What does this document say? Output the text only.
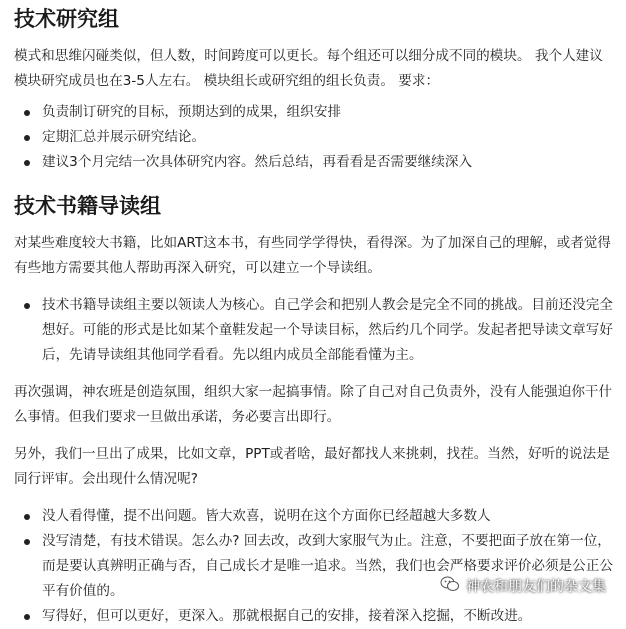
技术研究组

模式和思维闪碰类似，但人数，时间跨度可以更长。每个组还可以细分成不同的模块。 我个人建议模块研究成员也在3-5人左右。 模块组长或研究组的组长负责。 要求：

负责制订研究的目标，预期达到的成果，组织安排
定期汇总并展示研究结论。
建议3个月完结一次具体研究内容。然后总结，再看看是否需要继续深入
技术书籍导读组

对某些难度较大书籍，比如ART这本书，有些同学学得快，看得深。为了加深自己的理解，或者觉得有些地方需要其他人帮助再深入研究，可以建立一个导读组。

技术书籍导读组主要以领读人为核心。自己学会和把别人教会是完全不同的挑战。目前还没完全想好。可能的形式是比如某个童鞋发起一个导读目标，然后约几个同学。发起者把导读文章写好后，先请导读组其他同学看看。先以组内成员全部能看懂为主。

再次强调，神农班是创造氛围，组织大家一起搞事情。除了自己对自己负责外，没有人能强迫你干什么事情。但我们要求一旦做出承诺，务必要言出即行。

另外，我们一旦出了成果，比如文章，PPT或者啥，最好都找人来挑刺，找茬。当然，好听的说法是同行评审。会出现什么情况呢?

没人看得懂，提不出问题。皆大欢喜，说明在这个方面你已经超越大多数人
没写清楚，有技术错误。怎么办? 回去改，改到大家服气为止。注意，不要把面子放在第一位，而是要认真辨明正确与否，自己成长才是唯一追求。当然，我们也会严格要求评价必须是公正公平有价值的。
写得好，但可以更好，更深入。那就根据自己的安排，接着深入挖掘，不断改进。
神农和朋友们的杂文集
